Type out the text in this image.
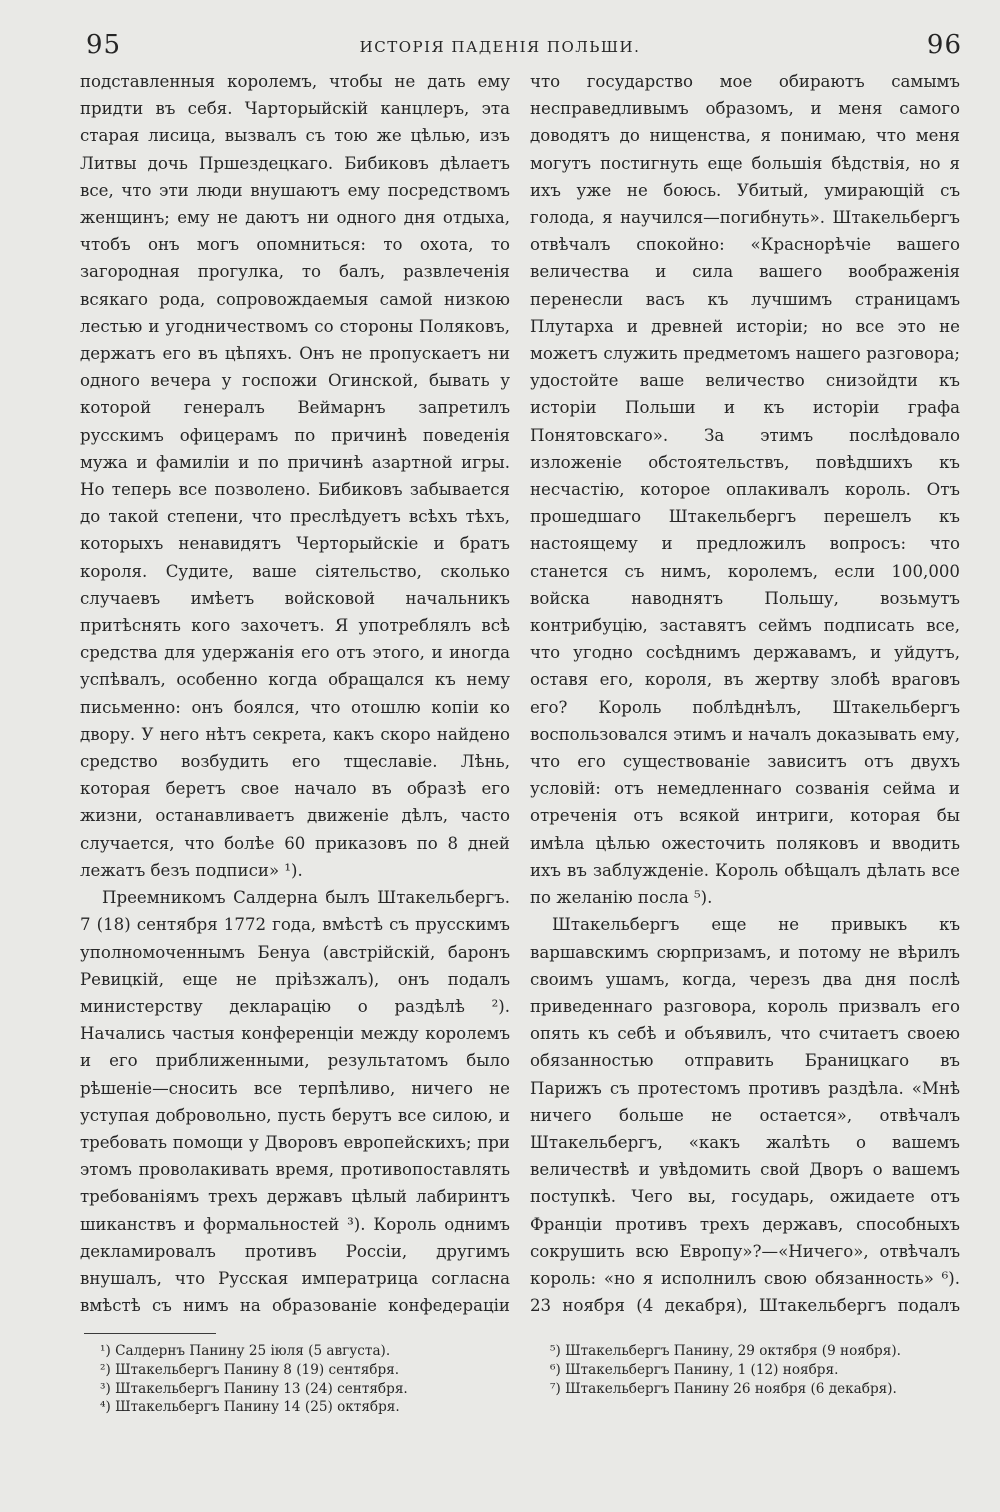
95	ИСТОРІЯ ПАДЕНІЯ ПОЛЬШИ.	96

подставленныя королемъ, чтобы не дать ему придти въ себя. Чарторыйскій канцлеръ, эта старая лисица, вызвалъ съ тою же цѣлью, изъ Литвы дочь Пршездецкаго. Бибиковъ дѣлаетъ все, что эти люди внушаютъ ему посредствомъ женщинъ; ему не даютъ ни одного дня отдыха, чтобъ онъ могъ опомниться: то охота, то загородная прогулка, то балъ, развлеченія всякаго рода, сопровождаемыя самой низкою лестью и угодничествомъ со стороны Поляковъ, держатъ его въ цѣпяхъ. Онъ не пропускаетъ ни одного вечера у госпожи Огинской, бывать у которой генералъ Веймарнъ запретилъ русскимъ офицерамъ по причинѣ поведенія мужа и фамиліи и по причинѣ азартной игры. Но теперь все позволено. Бибиковъ забывается до такой степени, что преслѣдуетъ всѣхъ тѣхъ, которыхъ ненавидятъ Черторыйскіе и братъ короля. Судите, ваше сіятельство, сколько случаевъ имѣетъ войсковой начальникъ притѣснять кого захочетъ. Я употреблялъ всѣ средства для удержанія его отъ этого, и иногда успѣвалъ, особенно когда обращался къ нему письменно: онъ боялся, что отошлю копіи ко двору. У него нѣтъ секрета, какъ скоро найдено средство возбудить его тщеславіе. Лѣнь, которая беретъ свое начало въ образѣ его жизни, останавливаетъ движеніе дѣлъ, часто случается, что болѣе 60 приказовъ по 8 дней лежатъ безъ подписи» ¹).

Преемникомъ Салдерна былъ Штакельбергъ. 7 (18) сентября 1772 года, вмѣстѣ съ прусскимъ уполномоченнымъ Бенуа (австрійскій, баронъ Ревицкій, еще не пріѣзжалъ), онъ подалъ министерству декларацію о раздѣлѣ ²). Начались частыя конференціи между королемъ и его приближенными, результатомъ было рѣшеніе—сносить все терпѣливо, ничего не уступая добровольно, пусть берутъ все силою, и требовать помощи у Дворовъ европейскихъ; при этомъ проволакивать время, противопоставлять требованіямъ трехъ державъ цѣлый лабиринтъ шиканствъ и формальностей ³). Король однимъ декламировалъ противъ Россіи, другимъ внушалъ, что Русская императрица согласна вмѣстѣ съ нимъ на образованіе конфедераціи

¹) Салдернъ Панину 25 іюля (5 августа).
²) Штакельбергъ Панину 8 (19) сентября.
³) Штакельбергъ Панину 13 (24) сентября.
⁴) Штакельбергъ Панину 14 (25) октября.

что государство мое обираютъ самымъ несправедливымъ образомъ, и меня самого доводятъ до нищенства, я понимаю, что меня могутъ постигнуть еще большія бѣдствія, но я ихъ уже не боюсь. Убитый, умирающій съ голода, я научился—погибнуть». Штакельбергъ отвѣчалъ спокойно: «Краснорѣчіе вашего величества и сила вашего воображенія перенесли васъ къ лучшимъ страницамъ Плутарха и древней исторіи; но все это не можетъ служить предметомъ нашего разговора; удостойте ваше величество снизойдти къ исторіи Польши и къ исторіи графа Понятовскаго». За этимъ послѣдовало изложеніе обстоятельствъ, повѣдшихъ къ несчастію, которое оплакивалъ король. Отъ прошедшаго Штакельбергъ перешелъ къ настоящему и предложилъ вопросъ: что станется съ нимъ, королемъ, если 100,000 войска наводнятъ Польшу, возьмутъ контрибуцію, заставятъ сеймъ подписать все, что угодно сосѣднимъ державамъ, и уйдутъ, оставя его, короля, въ жертву злобѣ враговъ его? Король поблѣднѣлъ, Штакельбергъ воспользовался этимъ и началъ доказывать ему, что его существованіе зависитъ отъ двухъ условій: отъ немедленнаго созванія сейма и отреченія отъ всякой интриги, которая бы имѣла цѣлью ожесточить поляковъ и вводить ихъ въ заблужденіе. Король обѣщалъ дѣлать все по желанію посла ⁵).

Штакельбергъ еще не привыкъ къ варшавскимъ сюрпризамъ, и потому не вѣрилъ своимъ ушамъ, когда, черезъ два дня послѣ приведеннаго разговора, король призвалъ его опять къ себѣ и объявилъ, что считаетъ своею обязанностью отправить Браницкаго въ Парижъ съ протестомъ противъ раздѣла. «Мнѣ ничего больше не остается», отвѣчалъ Штакельбергъ, «какъ жалѣть о вашемъ величествѣ и увѣдомить свой Дворъ о вашемъ поступкѣ. Чего вы, государь, ожидаете отъ Франціи противъ трехъ державъ, способныхъ сокрушить всю Европу»?—«Ничего», отвѣчалъ король: «но я исполнилъ свою обязанность» ⁶). 23 ноября (4 декабря), Штакельбергъ подалъ

⁵) Штакельбергъ Панину, 29 октября (9 ноября).
⁶) Штакельбергъ Панину, 1 (12) ноября.
⁷) Штакельбергъ Панину 26 ноября (6 декабря).
